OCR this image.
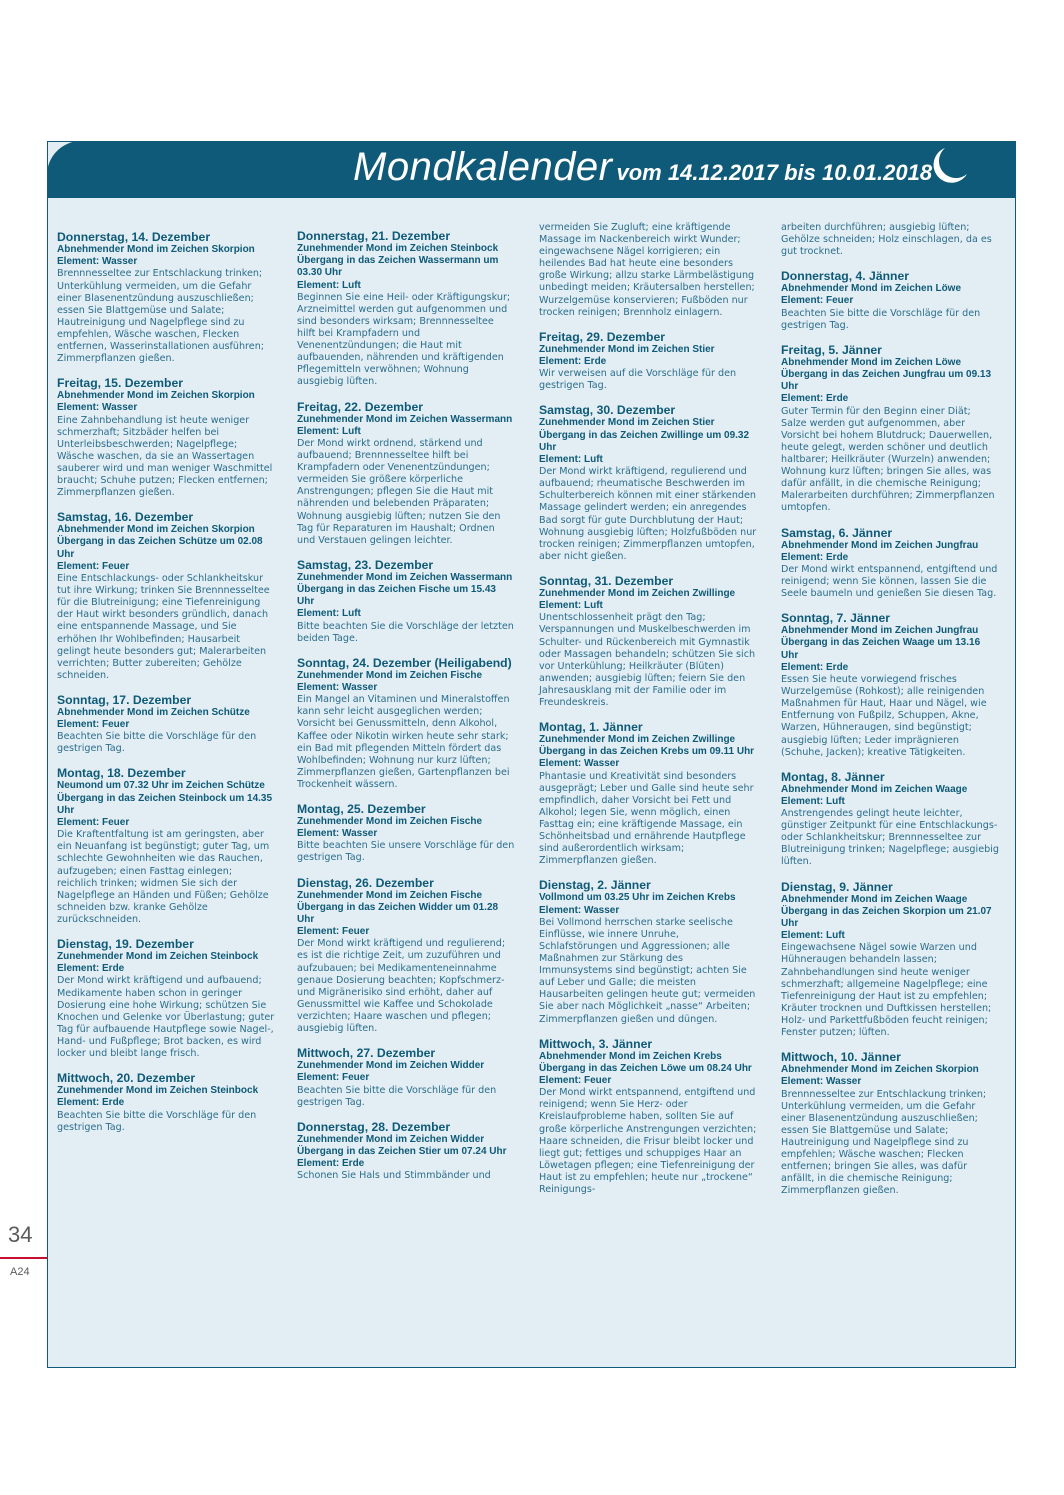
Mondkalender vom 14.12.2017 bis 10.01.2018
Donnerstag, 14. Dezember
Abnehmender Mond im Zeichen Skorpion
Element: Wasser
Brennnesseltee zur Entschlackung trinken; Unterkühlung vermeiden, um die Gefahr einer Blasenentzündung auszuschließen; essen Sie Blattgemüse und Salate; Hautreinigung und Nagelpflege sind zu empfehlen, Wäsche waschen, Flecken entfernen, Wasserinstallationen ausführen; Zimmerpflanzen gießen.
Freitag, 15. Dezember
Abnehmender Mond im Zeichen Skorpion
Element: Wasser
Eine Zahnbehandlung ist heute weniger schmerzhaft; Sitzbäder helfen bei Unterleibsbeschwerden; Nagelpflege; Wäsche waschen, da sie an Wassertagen sauberer wird und man weniger Waschmittel braucht; Schuhe putzen; Flecken entfernen; Zimmerpflanzen gießen.
Samstag, 16. Dezember
Abnehmender Mond im Zeichen Skorpion
Übergang in das Zeichen Schütze um 02.08 Uhr
Element: Feuer
Eine Entschlackungs- oder Schlankheitskur tut ihre Wirkung; trinken Sie Brennnesseltee für die Blutreinigung; eine Tiefenreinigung der Haut wirkt besonders gründlich, danach eine entspannende Massage, und Sie erhöhen Ihr Wohlbefinden; Hausarbeit gelingt heute besonders gut; Malerarbeiten verrichten; Butter zubereiten; Gehölze schneiden.
Sonntag, 17. Dezember
Abnehmender Mond im Zeichen Schütze
Element: Feuer
Beachten Sie bitte die Vorschläge für den gestrigen Tag.
Montag, 18. Dezember
Neumond um 07.32 Uhr im Zeichen Schütze
Übergang in das Zeichen Steinbock um 14.35 Uhr
Element: Feuer
Die Kraftentfaltung ist am geringsten, aber ein Neuanfang ist begünstigt; guter Tag, um schlechte Gewohnheiten wie das Rauchen, aufzugeben; einen Fasttag einlegen; reichlich trinken; widmen Sie sich der Nagelpflege an Händen und Füßen; Gehölze schneiden bzw. kranke Gehölze zurückschneiden.
Dienstag, 19. Dezember
Zunehmender Mond im Zeichen Steinbock
Element: Erde
Der Mond wirkt kräftigend und aufbauend; Medikamente haben schon in geringer Dosierung eine hohe Wirkung; schützen Sie Knochen und Gelenke vor Überlastung; guter Tag für aufbauende Hautpflege sowie Nagel-, Hand- und Fußpflege; Brot backen, es wird locker und bleibt lange frisch.
Mittwoch, 20. Dezember
Zunehmender Mond im Zeichen Steinbock
Element: Erde
Beachten Sie bitte die Vorschläge für den gestrigen Tag.
Donnerstag, 21. Dezember
Zunehmender Mond im Zeichen Steinbock
Übergang in das Zeichen Wassermann um 03.30 Uhr
Element: Luft
Beginnen Sie eine Heil- oder Kräftigungskur; Arzneimittel werden gut aufgenommen und sind besonders wirksam; Brennnesseltee hilft bei Krampfadern und Venenentzündungen; die Haut mit aufbauenden, nährenden und kräftigenden Pflegemitteln verwöhnen; Wohnung ausgiebig lüften.
Freitag, 22. Dezember
Zunehmender Mond im Zeichen Wassermann
Element: Luft
Der Mond wirkt ordnend, stärkend und aufbauend; Brennnesseltee hilft bei Krampfadern oder Venenentzündungen; vermeiden Sie größere körperliche Anstrengungen; pflegen Sie die Haut mit nährenden und belebenden Präparaten; Wohnung ausgiebig lüften; nutzen Sie den Tag für Reparaturen im Haushalt; Ordnen und Verstauen gelingen leichter.
Samstag, 23. Dezember
Zunehmender Mond im Zeichen Wassermann
Übergang in das Zeichen Fische um 15.43 Uhr
Element: Luft
Bitte beachten Sie die Vorschläge der letzten beiden Tage.
Sonntag, 24. Dezember (Heiligabend)
Zunehmender Mond im Zeichen Fische
Element: Wasser
Ein Mangel an Vitaminen und Mineralstoffen kann sehr leicht ausgeglichen werden; Vorsicht bei Genussmitteln, denn Alkohol, Kaffee oder Nikotin wirken heute sehr stark; ein Bad mit pflegenden Mitteln fördert das Wohlbefinden; Wohnung nur kurz lüften; Zimmerpflanzen gießen, Gartenpflanzen bei Trockenheit wässern.
Montag, 25. Dezember
Zunehmender Mond im Zeichen Fische
Element: Wasser
Bitte beachten Sie unsere Vorschläge für den gestrigen Tag.
Dienstag, 26. Dezember
Zunehmender Mond im Zeichen Fische
Übergang in das Zeichen Widder um 01.28 Uhr
Element: Feuer
Der Mond wirkt kräftigend und regulierend; es ist die richtige Zeit, um zuzuführen und aufzubauen; bei Medikamenteneinnahme genaue Dosierung beachten; Kopfschmerz- und Migränerisiko sind erhöht, daher auf Genussmittel wie Kaffee und Schokolade verzichten; Haare waschen und pflegen; ausgiebig lüften.
Mittwoch, 27. Dezember
Zunehmender Mond im Zeichen Widder
Element: Feuer
Beachten Sie bitte die Vorschläge für den gestrigen Tag.
Donnerstag, 28. Dezember
Zunehmender Mond im Zeichen Widder
Übergang in das Zeichen Stier um 07.24 Uhr
Element: Erde
Schonen Sie Hals und Stimmbänder und
vermeiden Sie Zugluft; eine kräftigende Massage im Nackenbereich wirkt Wunder; eingewachsene Nägel korrigieren; ein heilendes Bad hat heute eine besonders große Wirkung; allzu starke Lärmbelästigung unbedingt meiden; Kräutersalben herstellen; Wurzelgemüse konservieren; Fußböden nur trocken reinigen; Brennholz einlagern.
Freitag, 29. Dezember
Zunehmender Mond im Zeichen Stier
Element: Erde
Wir verweisen auf die Vorschläge für den gestrigen Tag.
Samstag, 30. Dezember
Zunehmender Mond im Zeichen Stier
Übergang in das Zeichen Zwillinge um 09.32 Uhr
Element: Luft
Der Mond wirkt kräftigend, regulierend und aufbauend; rheumatische Beschwerden im Schulterbereich können mit einer stärkenden Massage gelindert werden; ein anregendes Bad sorgt für gute Durchblutung der Haut; Wohnung ausgiebig lüften; Holzfußböden nur trocken reinigen; Zimmerpflanzen umtopfen, aber nicht gießen.
Sonntag, 31. Dezember
Zunehmender Mond im Zeichen Zwillinge
Element: Luft
Unentschlossenheit prägt den Tag; Verspannungen und Muskelbeschwerden im Schulter- und Rückenbereich mit Gymnastik oder Massagen behandeln; schützen Sie sich vor Unterkühlung; Heilkräuter (Blüten) anwenden; ausgiebig lüften; feiern Sie den Jahresausklang mit der Familie oder im Freundeskreis.
Montag, 1. Jänner
Zunehmender Mond im Zeichen Zwillinge
Übergang in das Zeichen Krebs um 09.11 Uhr
Element: Wasser
Phantasie und Kreativität sind besonders ausgeprägt; Leber und Galle sind heute sehr empfindlich, daher Vorsicht bei Fett und Alkohol; legen Sie, wenn möglich, einen Fasttag ein; eine kräftigende Massage, ein Schönheitsbad und ernährende Hautpflege sind außerordentlich wirksam; Zimmerpflanzen gießen.
Dienstag, 2. Jänner
Vollmond um 03.25 Uhr im Zeichen Krebs
Element: Wasser
Bei Vollmond herrschen starke seelische Einflüsse, wie innere Unruhe, Schlafstörungen und Aggressionen; alle Maßnahmen zur Stärkung des Immunsystems sind begünstigt; achten Sie auf Leber und Galle; die meisten Hausarbeiten gelingen heute gut; vermeiden Sie aber nach Möglichkeit „nasse“ Arbeiten; Zimmerpflanzen gießen und düngen.
Mittwoch, 3. Jänner
Abnehmender Mond im Zeichen Krebs
Übergang in das Zeichen Löwe um 08.24 Uhr
Element: Feuer
Der Mond wirkt entspannend, entgiftend und reinigend; wenn Sie Herz- oder Kreislaufprobleme haben, sollten Sie auf große körperliche Anstrengungen verzichten; Haare schneiden, die Frisur bleibt locker und liegt gut; fettiges und schuppiges Haar an Löwetagen pflegen; eine Tiefenreinigung der Haut ist zu empfehlen; heute nur „trockene“ Reinigungs-
arbeiten durchführen; ausgiebig lüften; Gehölze schneiden; Holz einschlagen, da es gut trocknet.
Donnerstag, 4. Jänner
Abnehmender Mond im Zeichen Löwe
Element: Feuer
Beachten Sie bitte die Vorschläge für den gestrigen Tag.
Freitag, 5. Jänner
Abnehmender Mond im Zeichen Löwe
Übergang in das Zeichen Jungfrau um 09.13 Uhr
Element: Erde
Guter Termin für den Beginn einer Diät; Salze werden gut aufgenommen, aber Vorsicht bei hohem Blutdruck; Dauerwellen, heute gelegt, werden schöner und deutlich haltbarer; Heilkräuter (Wurzeln) anwenden; Wohnung kurz lüften; bringen Sie alles, was dafür anfällt, in die chemische Reinigung; Malerarbeiten durchführen; Zimmerpflanzen umtopfen.
Samstag, 6. Jänner
Abnehmender Mond im Zeichen Jungfrau
Element: Erde
Der Mond wirkt entspannend, entgiftend und reinigend; wenn Sie können, lassen Sie die Seele baumeln und genießen Sie diesen Tag.
Sonntag, 7. Jänner
Abnehmender Mond im Zeichen Jungfrau
Übergang in das Zeichen Waage um 13.16 Uhr
Element: Erde
Essen Sie heute vorwiegend frisches Wurzelgemüse (Rohkost); alle reinigenden Maßnahmen für Haut, Haar und Nägel, wie Entfernung von Fußpilz, Schuppen, Akne, Warzen, Hühneraugen, sind begünstigt; ausgiebig lüften; Leder imprägnieren (Schuhe, Jacken); kreative Tätigkeiten.
Montag, 8. Jänner
Abnehmender Mond im Zeichen Waage
Element: Luft
Anstrengendes gelingt heute leichter, günstiger Zeitpunkt für eine Entschlackungs- oder Schlankheitskur; Brennnesseltee zur Blutreinigung trinken; Nagelpflege; ausgiebig lüften.
Dienstag, 9. Jänner
Abnehmender Mond im Zeichen Waage
Übergang in das Zeichen Skorpion um 21.07 Uhr
Element: Luft
Eingewachsene Nägel sowie Warzen und Hühneraugen behandeln lassen; Zahnbehandlungen sind heute weniger schmerzhaft; allgemeine Nagelpflege; eine Tiefenreinigung der Haut ist zu empfehlen; Kräuter trocknen und Duftkissen herstellen; Holz- und Parkettfußböden feucht reinigen; Fenster putzen; lüften.
Mittwoch, 10. Jänner
Abnehmender Mond im Zeichen Skorpion
Element: Wasser
Brennnesseltee zur Entschlackung trinken; Unterkühlung vermeiden, um die Gefahr einer Blasenentzündung auszuschließen; essen Sie Blattgemüse und Salate; Hautreinigung und Nagelpflege sind zu empfehlen; Wäsche waschen; Flecken entfernen; bringen Sie alles, was dafür anfällt, in die chemische Reinigung; Zimmerpflanzen gießen.
34
A24
